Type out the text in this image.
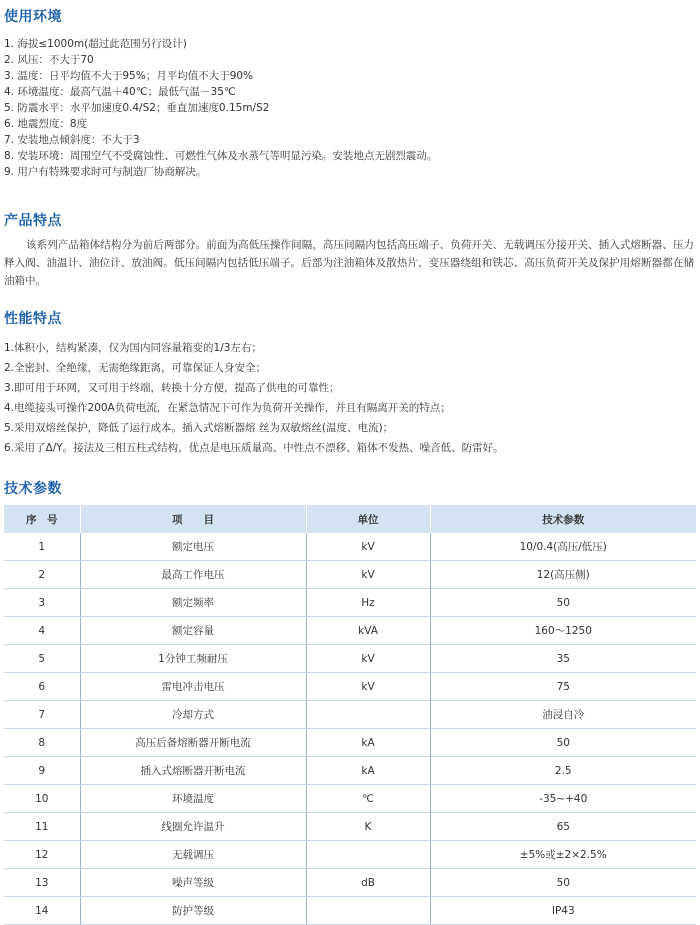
使用环境
1. 海拔≤1000m(超过此范围另行设计)
2. 风压：不大于70
3. 温度：日平均值不大于95%；月平均值不大于90%
4. 环境温度：最高气温＋40℃；最低气温－35℃
5. 防震水平：水平加速度0.4/S2；垂直加速度0.15m/S2
6. 地震烈度：8度
7. 安装地点倾斜度：不大于3
8. 安装环境：周围空气不受腐蚀性、可燃性气体及水蒸气等明显污染。安装地点无剧烈震动。
9. 用户有特殊要求时可与制造厂协商解决。
产品特点

该系列产品箱体结构分为前后两部分。前面为高低压操作间隔，高压间隔内包括高压端子、负荷开关、无载调压分接开关、插入式熔断器、压力释入阀、油温计、油位计、放油阀。低压间隔内包括低压端子。后部为注油箱体及散热片，变压器绕组和铁芯、高压负荷开关及保护用熔断器都在储油箱中。

性能特点
1.体积小，结构紧凑，仅为国内同容量箱变的1/3左右；
2.全密封、全绝缘，无需绝缘距离，可靠保证人身安全；
3.即可用于环网，又可用于终端，转换十分方便，提高了供电的可靠性；
4.电缆接头可操作200A负荷电流，在紧急情况下可作为负荷开关操作，并且有隔离开关的特点；
5.采用双熔丝保护，降低了运行成本。插入式熔断器熔 丝为双敏熔丝(温度、电流)；
6.采用了Δ/Y。接法及三相五柱式结构，优点是电压质量高、中性点不漂移、箱体不发热、噪音低、防雷好。
技术参数
序　号	项　　目	单位	技术参数
1	额定电压	kV	10/0.4(高压/低压)
2	最高工作电压	kV	12(高压侧)
3	额定频率	Hz	50
4	额定容量	kVA	160～1250
5	1分钟工频耐压	kV	35
6	雷电冲击电压	kV	75
7	冷却方式		油浸自冷
8	高压后备熔断器开断电流	kA	50
9	插入式熔断器开断电流	kA	2.5
10	环境温度	℃	-35~+40
11	线圈允许温升	K	65
12	无载调压		±5%或±2×2.5%
13	噪声等级	dB	50
14	防护等级		IP43
